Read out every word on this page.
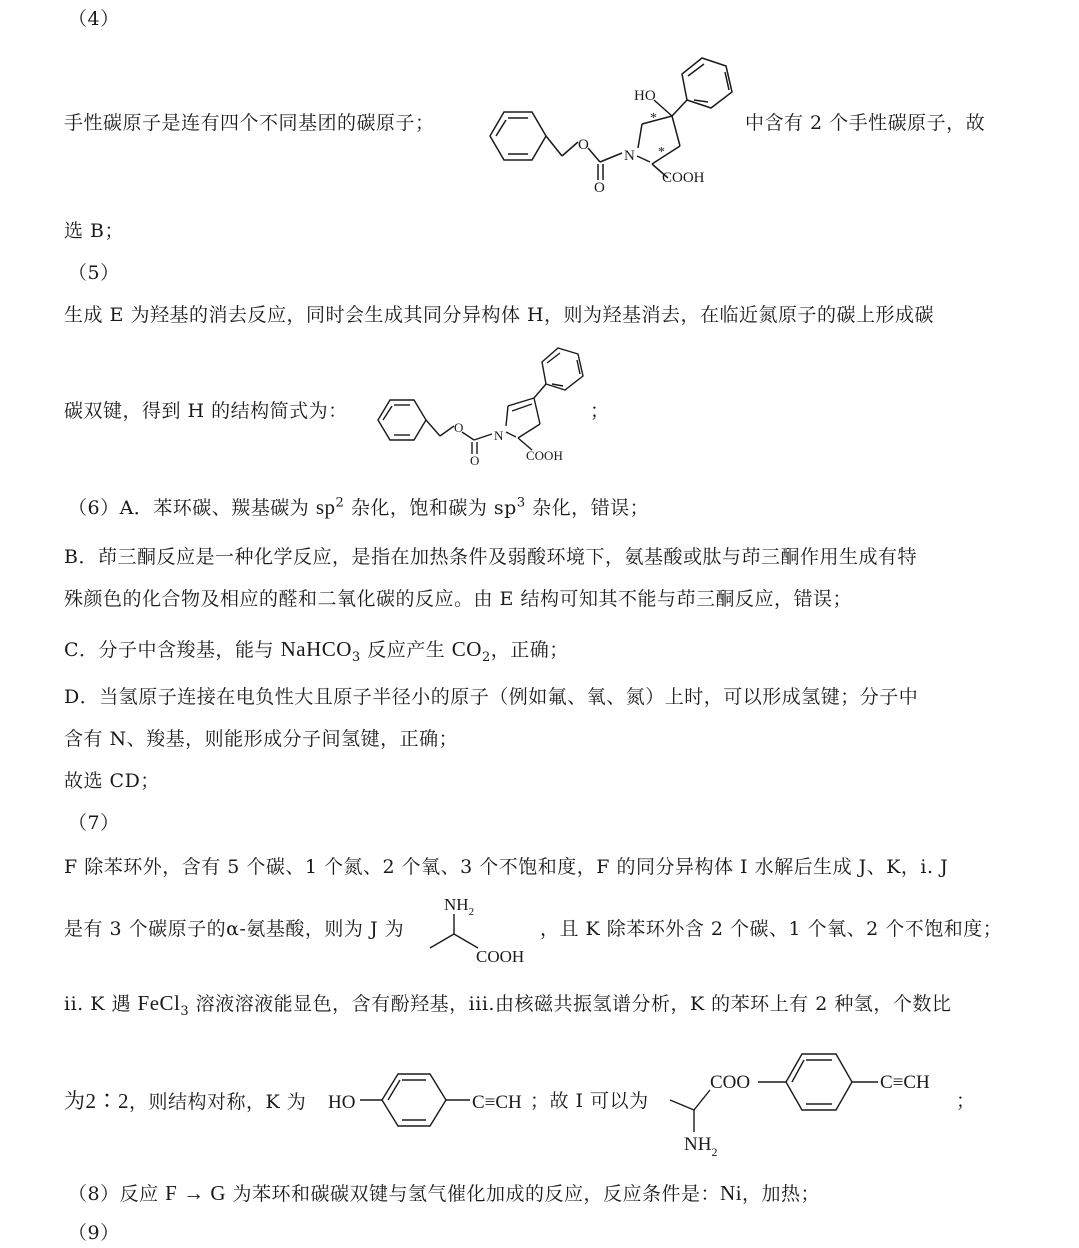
（4）
手性碳原子是连有四个不同基团的碳原子；
O
O
N
HO
COOH
*
*
中含有 2 个手性碳原子，故
选 B；
（5）
生成 E 为羟基的消去反应，同时会生成其同分异构体 H，则为羟基消去，在临近氮原子的碳上形成碳
碳双键，得到 H 的结构简式为：
O
O
N
COOH
；
（6）A．苯环碳、羰基碳为 $sp^2$ 杂化，饱和碳为 $sp^3$ 杂化，错误；
B．茚三酮反应是一种化学反应，是指在加热条件及弱酸环境下，氨基酸或肽与茚三酮作用生成有特
殊颜色的化合物及相应的醛和二氧化碳的反应。由 E 结构可知其不能与茚三酮反应，错误；
C．分子中含羧基，能与 NaHCO$_3$ 反应产生 $CO_2$，正确；
D．当氢原子连接在电负性大且原子半径小的原子（例如氟、氧、氮）上时，可以形成氢键；分子中
含有 N、羧基，则能形成分子间氢键，正确；
故选 CD；
（7）
F 除苯环外，含有 5 个碳、1 个氮、2 个氧、3 个不饱和度，F 的同分异构体 I 水解后生成 J、K，i. J
是有 3 个碳原子的α-氨基酸，则为 J 为
$NH_2$
COOH
，且 K 除苯环外含 2 个碳、1 个氧、2 个不饱和度；
ii. K 遇 FeCl$_3$ 溶液溶液能显色，含有酚羟基，iii.由核磁共振氢谱分析，K 的苯环上有 2 种氢，个数比
为2∶2，则结构对称，K 为 HO	C≡CH ；故 I 可以为
COO	C≡CH
$NH_2$
；
（8）反应 F → G 为苯环和碳碳双键与氢气催化加成的反应，反应条件是：Ni，加热；
（9）
